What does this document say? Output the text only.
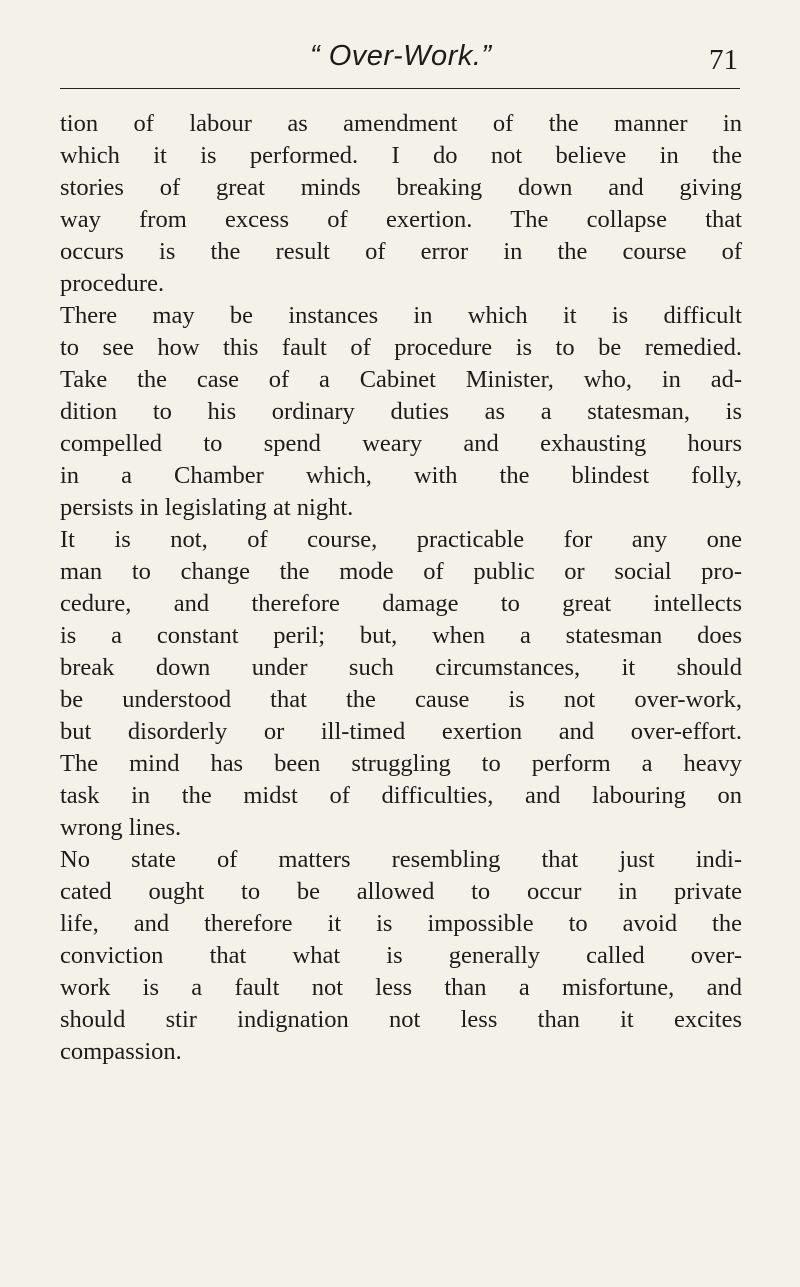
“ Over-Work.”	71
tion of labour as amendment of the manner in
which it is performed. I do not believe in the
stories of great minds breaking down and giving
way from excess of exertion. The collapse that
occurs is the result of error in the course of
procedure.
There may be instances in which it is difficult
to see how this fault of procedure is to be remedied.
Take the case of a Cabinet Minister, who, in ad-
dition to his ordinary duties as a statesman, is
compelled to spend weary and exhausting hours
in a Chamber which, with the blindest folly,
persists in legislating at night.
It is not, of course, practicable for any one
man to change the mode of public or social pro-
cedure, and therefore damage to great intellects
is a constant peril; but, when a statesman does
break down under such circumstances, it should
be understood that the cause is not over-work,
but disorderly or ill-timed exertion and over-effort.
The mind has been struggling to perform a heavy
task in the midst of difficulties, and labouring on
wrong lines.
No state of matters resembling that just indi-
cated ought to be allowed to occur in private
life, and therefore it is impossible to avoid the
conviction that what is generally called over-
work is a fault not less than a misfortune, and
should stir indignation not less than it excites
compassion.
